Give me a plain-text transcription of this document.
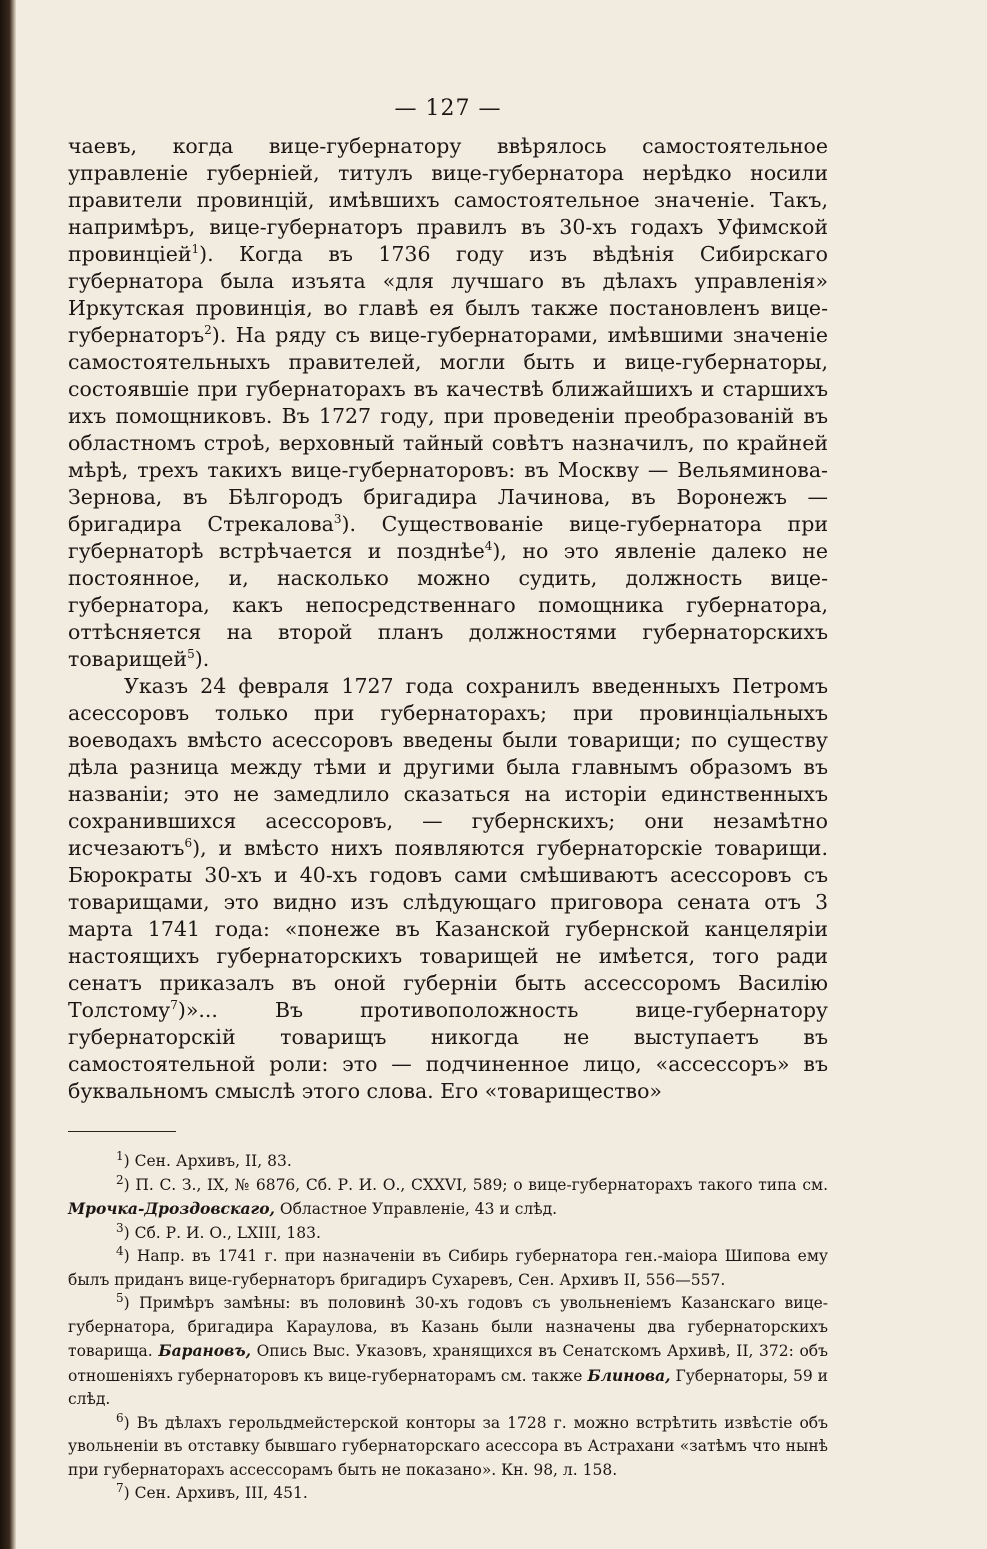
— 127 —

чаевъ, когда вице-губернатору ввѣрялось самостоятельное управленіе губерніей, титулъ вице-губернатора нерѣдко носили правители провинцій, имѣвшихъ самостоятельное значеніе. Такъ, напримѣръ, вице-губернаторъ правилъ въ 30-хъ годахъ Уфимской провинціей$^1$). Когда въ 1736 году изъ вѣдѣнія Сибирскаго губернатора была изъята «для лучшаго въ дѣлахъ управленія» Иркутская провинція, во главѣ ея былъ также постановленъ вице-губернаторъ$^2$). На ряду съ вице-губернаторами, имѣвшими значеніе самостоятельныхъ правителей, могли быть и вице-губернаторы, состоявшіе при губернаторахъ въ качествѣ ближайшихъ и старшихъ ихъ помощниковъ. Въ 1727 году, при проведеніи преобразованій въ областномъ строѣ, верховный тайный совѣтъ назначилъ, по крайней мѣрѣ, трехъ такихъ вице-губернаторовъ: въ Москву — Вельяминова-Зернова, въ Бѣлгородъ бригадира Лачинова, въ Воронежъ — бригадира Стрекалова$^3$). Существованіе вице-губернатора при губернаторѣ встрѣчается и позднѣе$^4$), но это явленіе далеко не постоянное, и, насколько можно судить, должность вице-губернатора, какъ непосредственнаго помощника губернатора, оттѣсняется на второй планъ должностями губернаторскихъ товарищей$^5$).

Указъ 24 февраля 1727 года сохранилъ введенныхъ Петромъ асессоровъ только при губернаторахъ; при провинціальныхъ воеводахъ вмѣсто асессоровъ введены были товарищи; по существу дѣла разница между тѣми и другими была главнымъ образомъ въ названіи; это не замедлило сказаться на исторіи единственныхъ сохранившихся асессоровъ, — губернскихъ; они незамѣтно исчезаютъ$^6$), и вмѣсто нихъ появляются губернаторскіе товарищи. Бюрократы 30-хъ и 40-хъ годовъ сами смѣшиваютъ асессоровъ съ товарищами, это видно изъ слѣдующаго приговора сената отъ 3 марта 1741 года: «понеже въ Казанской губернской канцеляріи настоящихъ губернаторскихъ товарищей не имѣется, того ради сенатъ приказалъ въ оной губерніи быть ассессоромъ Василію Толстому$^7$)»... Въ противоположность вице-губернатору губернаторскій товарищъ никогда не выступаетъ въ самостоятельной роли: это — подчиненное лицо, «ассессоръ» въ буквальномъ смыслѣ этого слова. Его «товарищество»

$^1$) Сен. Архивъ, II, 83.

$^2$) П. С. З., IX, № 6876, Сб. Р. И. О., CXXVI, 589; о вице-губернаторахъ такого типа см. Мрочка-Дроздовскаго, Областное Управленіе, 43 и слѣд.

$^3$) Сб. Р. И. О., LXIII, 183.

$^4$) Напр. въ 1741 г. при назначеніи въ Сибирь губернатора ген.-маіора Шипова ему былъ приданъ вице-губернаторъ бригадиръ Сухаревъ, Сен. Архивъ II, 556—557.

$^5$) Примѣръ замѣны: въ половинѣ 30-хъ годовъ съ увольненіемъ Казанскаго вице-губернатора, бригадира Караулова, въ Казань были назначены два губернаторскихъ товарища. Барановъ, Опись Выс. Указовъ, хранящихся въ Сенатскомъ Архивѣ, II, 372: объ отношеніяхъ губернаторовъ къ вице-губернаторамъ см. также Блинова, Губернаторы, 59 и слѣд.

$^6$) Въ дѣлахъ герольдмейстерской конторы за 1728 г. можно встрѣтить извѣстіе объ увольненіи въ отставку бывшаго губернаторскаго асессора въ Астрахани «затѣмъ что нынѣ при губернаторахъ ассессорамъ быть не показано». Кн. 98, л. 158.

$^7$) Сен. Архивъ, III, 451.
